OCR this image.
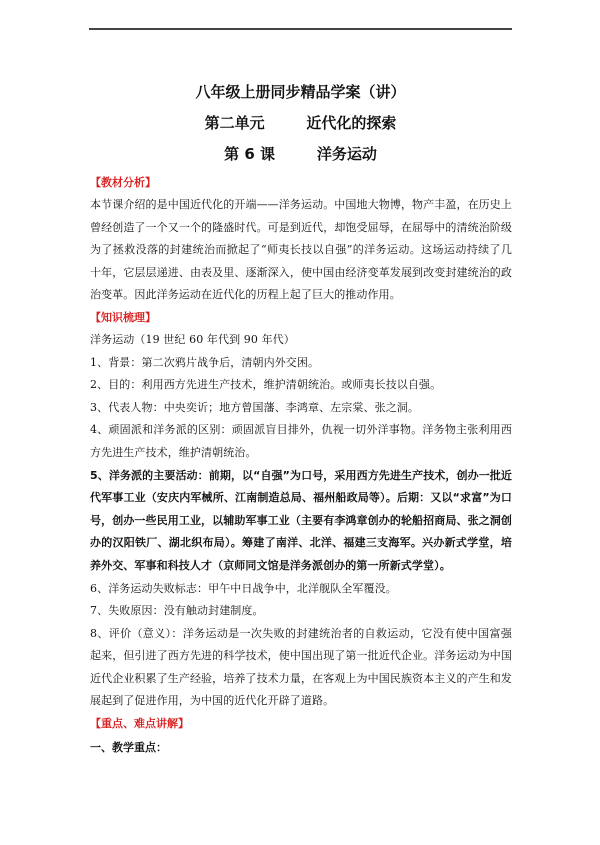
八年级上册同步精品学案（讲）
第二单元        近代化的探索
第 6 课        洋务运动
【教材分析】

本节课介绍的是中国近代化的开端——洋务运动。中国地大物博，物产丰盈，在历史上曾经创造了一个又一个的隆盛时代。可是到近代，却饱受屈辱，在屈辱中的清统治阶级为了拯救没落的封建统治而掀起了“师夷长技以自强”的洋务运动。这场运动持续了几十年，它层层递进、由表及里、逐渐深入，使中国由经济变革发展到改变封建统治的政治变革。因此洋务运动在近代化的历程上起了巨大的推动作用。

【知识梳理】

洋务运动（19 世纪 60 年代到 90 年代）

1、背景：第二次鸦片战争后，清朝内外交困。

2、目的：利用西方先进生产技术，维护清朝统治。或师夷长技以自强。

3、代表人物：中央奕䜣；地方曾国藩、李鸿章、左宗棠、张之洞。

4、顽固派和洋务派的区别：顽固派盲目排外，仇视一切外洋事物。洋务物主张利用西方先进生产技术，维护清朝统治。

5、洋务派的主要活动：前期，以“自强”为口号，采用西方先进生产技术，创办一批近代军事工业（安庆内军械所、江南制造总局、福州船政局等）。后期：又以“求富”为口号，创办一些民用工业，以辅助军事工业（主要有李鸿章创办的轮船招商局、张之洞创办的汉阳铁厂、湖北织布局）。筹建了南洋、北洋、福建三支海军。兴办新式学堂，培养外交、军事和科技人才（京师同文馆是洋务派创办的第一所新式学堂）。

6、洋务运动失败标志：甲午中日战争中，北洋舰队全军覆没。

7、失败原因：没有触动封建制度。

8、评价（意义）：洋务运动是一次失败的封建统治者的自救运动，它没有使中国富强起来，但引进了西方先进的科学技术，使中国出现了第一批近代企业。洋务运动为中国近代企业积累了生产经验，培养了技术力量，在客观上为中国民族资本主义的产生和发展起到了促进作用，为中国的近代化开辟了道路。

【重点、难点讲解】
一、教学重点：
